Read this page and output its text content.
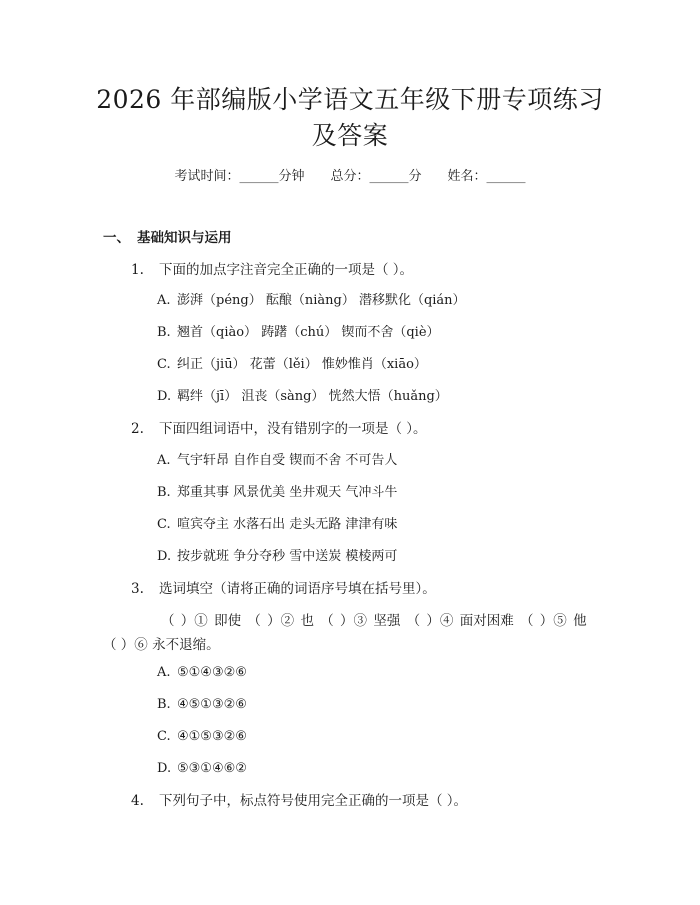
2026 年部编版小学语文五年级下册专项练习
及答案
考试时间：______分钟 总分：______分 姓名：______
一、 基础知识与运用
1. 下面的加点字注音完全正确的一项是（ ）。
A. 澎湃（péng） 酝酿（niàng） 潜移默化（qián）
B. 翘首（qiào） 踌躇（chú） 锲而不舍（qiè）
C. 纠正（jiū） 花蕾（lěi） 惟妙惟肖（xiāo）
D. 羁绊（jī） 沮丧（sàng） 恍然大悟（huǎng）
2. 下面四组词语中，没有错别字的一项是（ ）。
A. 气宇轩昂 自作自受 锲而不舍 不可告人
B. 郑重其事 风景优美 坐井观天 气冲斗牛
C. 喧宾夺主 水落石出 走头无路 津津有味
D. 按步就班 争分夺秒 雪中送炭 模棱两可
3. 选词填空（请将正确的词语序号填在括号里）。
（ ）① 即使 （ ）② 也 （ ）③ 坚强 （ ）④ 面对困难 （ ）⑤ 他
（ ）⑥ 永不退缩。
A. ⑤①④③②⑥
B. ④⑤①③②⑥
C. ④①⑤③②⑥
D. ⑤③①④⑥②
4. 下列句子中，标点符号使用完全正确的一项是（ ）。
